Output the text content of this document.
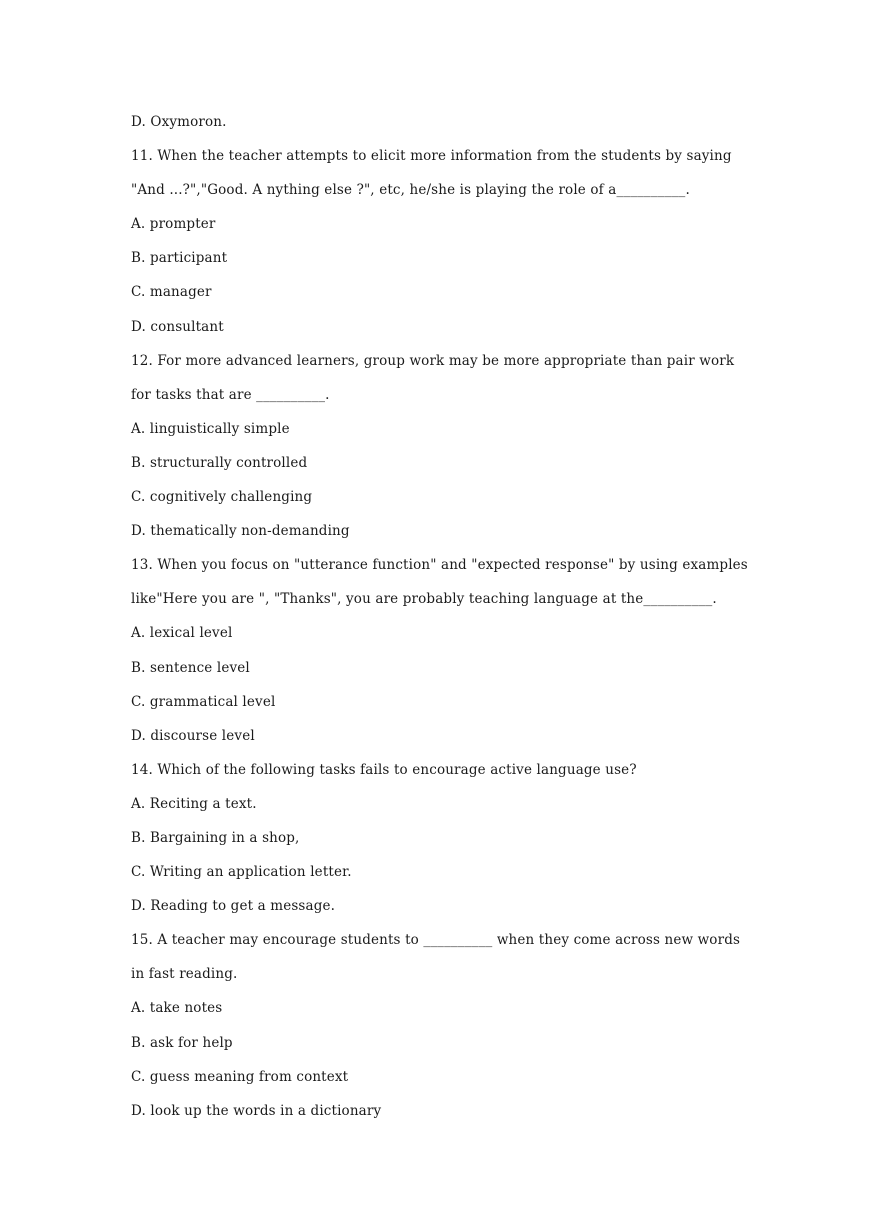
D. Oxymoron.
11. When the teacher attempts to elicit more information from the students by saying
"And ...?","Good. A nything else ?", etc, he/she is playing the role of a__________.
A. prompter
B. participant
C. manager
D. consultant
12. For more advanced learners, group work may be more appropriate than pair work
for tasks that are __________.
A. linguistically simple
B. structurally controlled
C. cognitively challenging
D. thematically non-demanding
13. When you focus on "utterance function" and "expected response" by using examples
like"Here you are ", "Thanks", you are probably teaching language at the__________.
A. lexical level
B. sentence level
C. grammatical level
D. discourse level
14. Which of the following tasks fails to encourage active language use?
A. Reciting a text.
B. Bargaining in a shop,
C. Writing an application letter.
D. Reading to get a message.
15. A teacher may encourage students to __________ when they come across new words
in fast reading.
A. take notes
B. ask for help
C. guess meaning from context
D. look up the words in a dictionary
